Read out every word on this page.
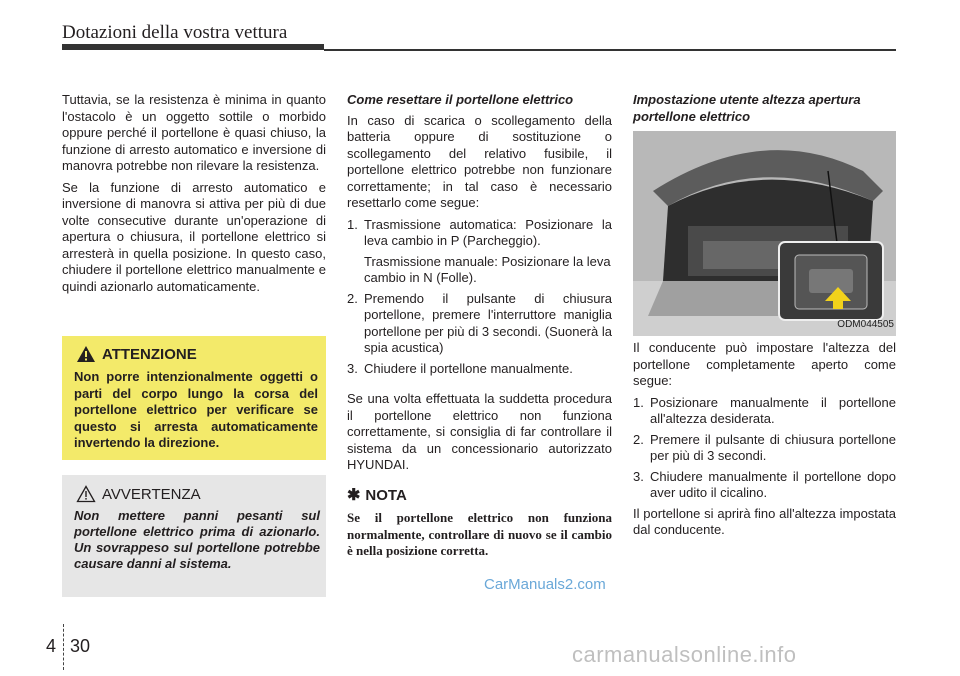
Dotazioni della vostra vettura

Tuttavia, se la resistenza è minima in quanto l'ostacolo è un oggetto sottile o morbido oppure perché il portellone è quasi chiuso, la funzione di arresto automatico e inversione di manovra potrebbe non rilevare la resistenza.

Se la funzione di arresto automatico e inversione di manovra si attiva per più di due volte consecutive durante un'operazione di apertura o chiusura, il portellone elettrico si arresterà in quella posizione. In questo caso, chiudere il portellone elettrico manualmente e quindi azionarlo automaticamente.

ATTENZIONE
Non porre intenzionalmente oggetti o parti del corpo lungo la corsa del portellone elettrico per verificare se questo si arresta automaticamente invertendo la direzione.
AVVERTENZA
Non mettere panni pesanti sul portellone elettrico prima di azionarlo. Un sovrappeso sul portellone potrebbe causare danni al sistema.
Come resettare il portellone elettrico

In caso di scarica o scollegamento della batteria oppure di sostituzione o scollegamento del relativo fusibile, il portellone elettrico potrebbe non funzionare correttamente; in tal caso è necessario resettarlo come segue:

1. Trasmissione automatica: Posizionare la leva cambio in P (Parcheggio).
Trasmissione manuale: Posizionare la leva cambio in N (Folle).
2. Premendo il pulsante di chiusura portellone, premere l'interruttore maniglia portellone per più di 3 secondi. (Suonerà la spia acustica)
3. Chiudere il portellone manualmente.

Se una volta effettuata la suddetta procedura il portellone elettrico non funziona correttamente, si consiglia di far controllare il sistema da un concessionario autorizzato HYUNDAI.

✱ NOTA
Se il portellone elettrico non funziona normalmente, controllare di nuovo se il cambio è nella posizione corretta.
Impostazione utente altezza apertura portellone elettrico
ODM044505

Il conducente può impostare l'altezza del portellone completamente aperto come segue:

1. Posizionare manualmente il portellone all'altezza desiderata.
2. Premere il pulsante di chiusura portellone per più di 3 secondi.
3. Chiudere manualmente il portellone dopo aver udito il cicalino.

Il portellone si aprirà fino all'altezza impostata dal conducente.

CarManuals2.com
4 30	carmanualsonline.info
